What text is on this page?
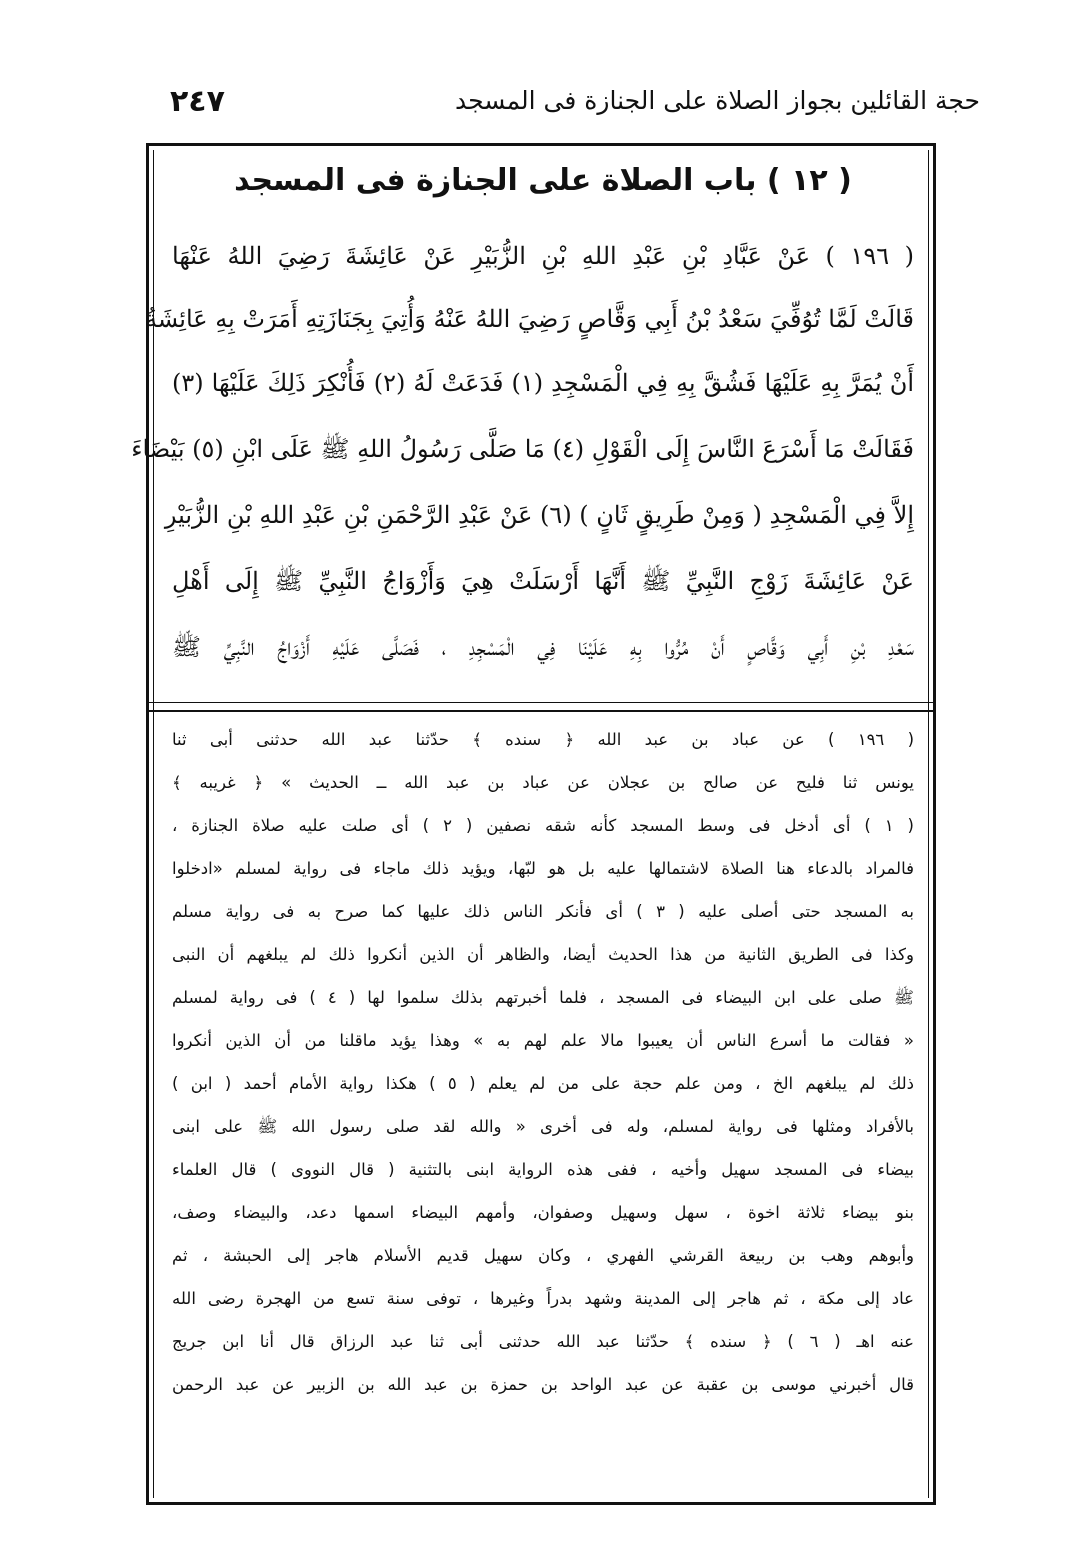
حجة القائلين بجواز الصلاة على الجنازة فى المسجد
٢٤٧
( ١٢ ) باب الصلاة على الجنازة فى المسجد
( ١٩٦ ) عَنْ عَبَّادِ بْنِ عَبْدِ اللهِ بْنِ الزُّبَيْرِ عَنْ عَائِشَةَ رَضِيَ اللهُ عَنْهَا
قَالَتْ لَمَّا تُوُفِّيَ سَعْدُ بْنُ أَبِي وَقَّاصٍ رَضِيَ اللهُ عَنْهُ وَأُتِيَ بِجَنَازَتِهِ أَمَرَتْ بِهِ عَائِشَةُ
أَنْ يُمَرَّ بِهِ عَلَيْهَا فَشُقَّ بِهِ فِي الْمَسْجِدِ (١) فَدَعَتْ لَهُ (٢) فَأُنْكِرَ ذَلِكَ عَلَيْهَا (٣)
فَقَالَتْ مَا أَسْرَعَ النَّاسَ إِلَى الْقَوْلِ (٤) مَا صَلَّى رَسُولُ اللهِ ﷺ عَلَى ابْنِ (٥) بَيْضَاءَ
إِلاَّ فِي الْمَسْجِدِ ( وَمِنْ طَرِيقٍ ثَانٍ ) (٦) عَنْ عَبْدِ الرَّحْمَنِ بْنِ عَبْدِ اللهِ بْنِ الزُّبَيْرِ
عَنْ عَائِشَةَ زَوْجِ النَّبِيِّ ﷺ أَنَّهَا أَرْسَلَتْ هِيَ وَأَزْوَاجُ النَّبِيِّ ﷺ إِلَى أَهْلِ
سَعْدِ بْنِ أَبِي وَقَّاصٍ أَنْ مُرُّوا بِهِ عَلَيْنَا فِي الْمَسْجِدِ ، فَصَلَّى عَلَيْهِ أَزْوَاجُ النَّبِيِّ ﷺ
( ١٩٦ ) عن عباد بن عبد الله ﴿ سنده ﴾ حدّثنا عبد الله حدثنى أبى ثنا
يونس ثنا فليح عن صالح بن عجلان عن عباد بن عبد الله ــ الحديث » ﴿ غريبه ﴾
( ١ ) أى أدخل فى وسط المسجد كأنه شقه نصفين ( ٢ ) أى صلت عليه صلاة الجنازة ،
فالمراد بالدعاء هنا الصلاة لاشتمالها عليه بل هو لبّها، ويؤيد ذلك ماجاء فى رواية لمسلم «ادخلوا
به المسجد حتى أصلى عليه ( ٣ ) أى فأنكر الناس ذلك عليها كما صرح به فى رواية مسلم
وكذا فى الطريق الثانية من هذا الحديث أيضا، والظاهر أن الذين أنكروا ذلك لم يبلغهم أن النبى
ﷺ صلى على ابن البيضاء فى المسجد ، فلما أخبرتهم بذلك سلموا لها ( ٤ ) فى رواية لمسلم
« فقالت ما أسرع الناس أن يعيبوا مالا علم لهم به » وهذا يؤيد ماقلنا من أن الذين أنكروا
ذلك لم يبلغهم الخ ، ومن علم حجة على من لم يعلم ( ٥ ) هكذا رواية الأمام أحمد ( ابن )
بالأفراد ومثلها فى رواية لمسلم، وله فى أخرى « والله لقد صلى رسول الله ﷺ على ابنى
بيضاء فى المسجد سهيل وأخيه ، ففى هذه الرواية ابنى بالتثنية ( قال النووى ) قال العلماء
بنو بيضاء ثلاثة اخوة ، سهل وسهيل وصفوان، وأمهم البيضاء اسمها دعد، والبيضاء وصف،
وأبوهم وهب بن ربيعة القرشي الفهري ، وكان سهيل قديم الأسلام هاجر إلى الحبشة ، ثم
عاد إلى مكة ، ثم هاجر إلى المدينة وشهد بدراً وغيرها ، توفى سنة تسع من الهجرة رضى الله
عنه اهـ ( ٦ ) ﴿ سنده ﴾ حدّثنا عبد الله حدثنى أبى ثنا عبد الرزاق قال أنا ابن جريج
قال أخبرني موسى بن عقبة عن عبد الواحد بن حمزة بن عبد الله بن الزبير عن عبد الرحمن
